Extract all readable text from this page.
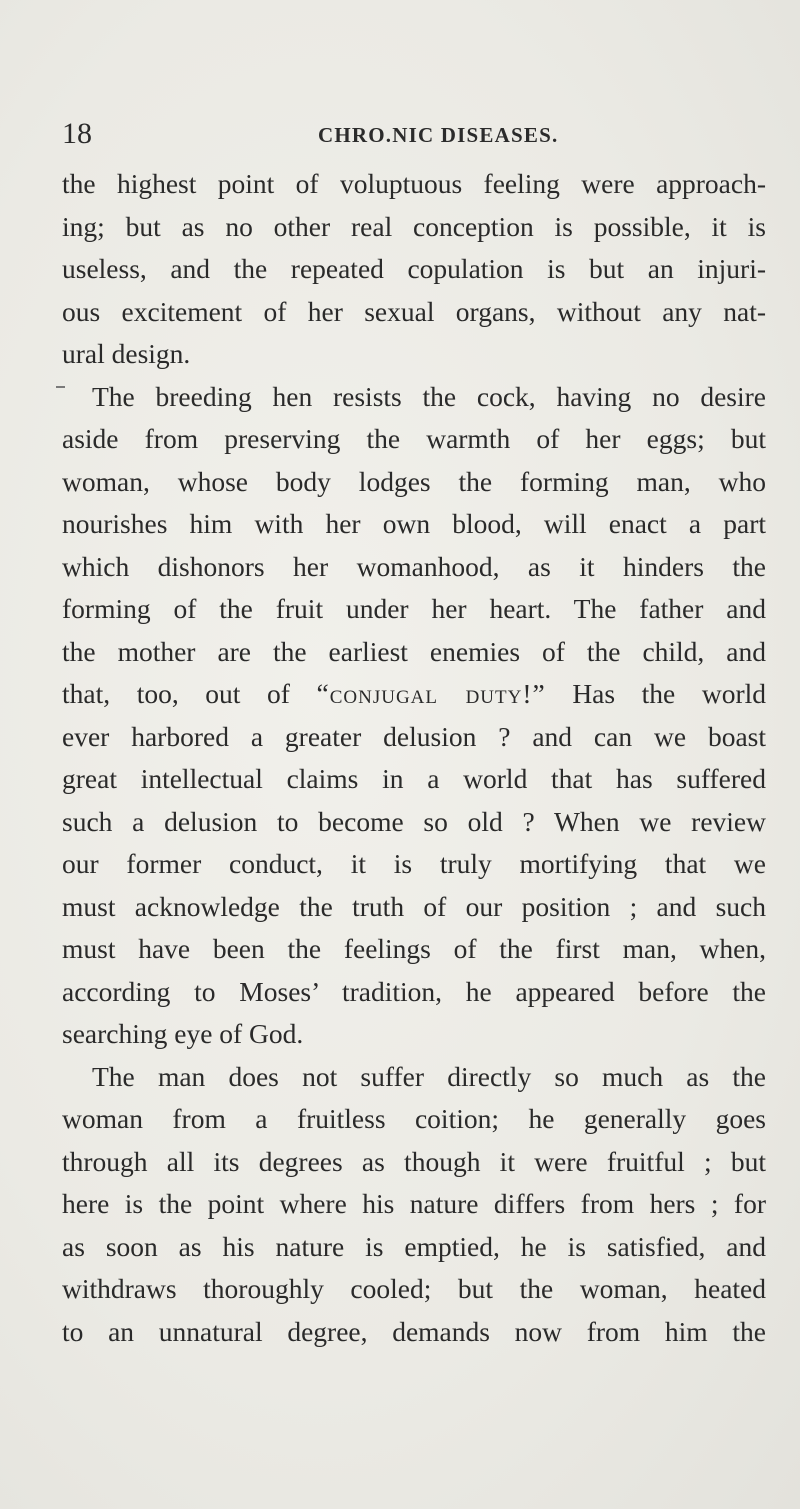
18	CHRO.NIC DISEASES.
the highest point of voluptuous feeling were approach-
ing; but as no other real conception is possible, it is
useless, and the repeated copulation is but an injuri-
ous excitement of her sexual organs, without any nat-
ural design.
The breeding hen resists the cock, having no desire
aside from preserving the warmth of her eggs; but
woman, whose body lodges the forming man, who
nourishes him with her own blood, will enact a part
which dishonors her womanhood, as it hinders the
forming of the fruit under her heart. The father and
the mother are the earliest enemies of the child, and
that, too, out of “conjugal duty!” Has the world
ever harbored a greater delusion ? and can we boast
great intellectual claims in a world that has suffered
such a delusion to become so old ? When we review
our former conduct, it is truly mortifying that we
must acknowledge the truth of our position ; and such
must have been the feelings of the first man, when,
according to Moses’ tradition, he appeared before the
searching eye of God.
The man does not suffer directly so much as the
woman from a fruitless coition; he generally goes
through all its degrees as though it were fruitful ; but
here is the point where his nature differs from hers ; for
as soon as his nature is emptied, he is satisfied, and
withdraws thoroughly cooled; but the woman, heated
to an unnatural degree, demands now from him the
